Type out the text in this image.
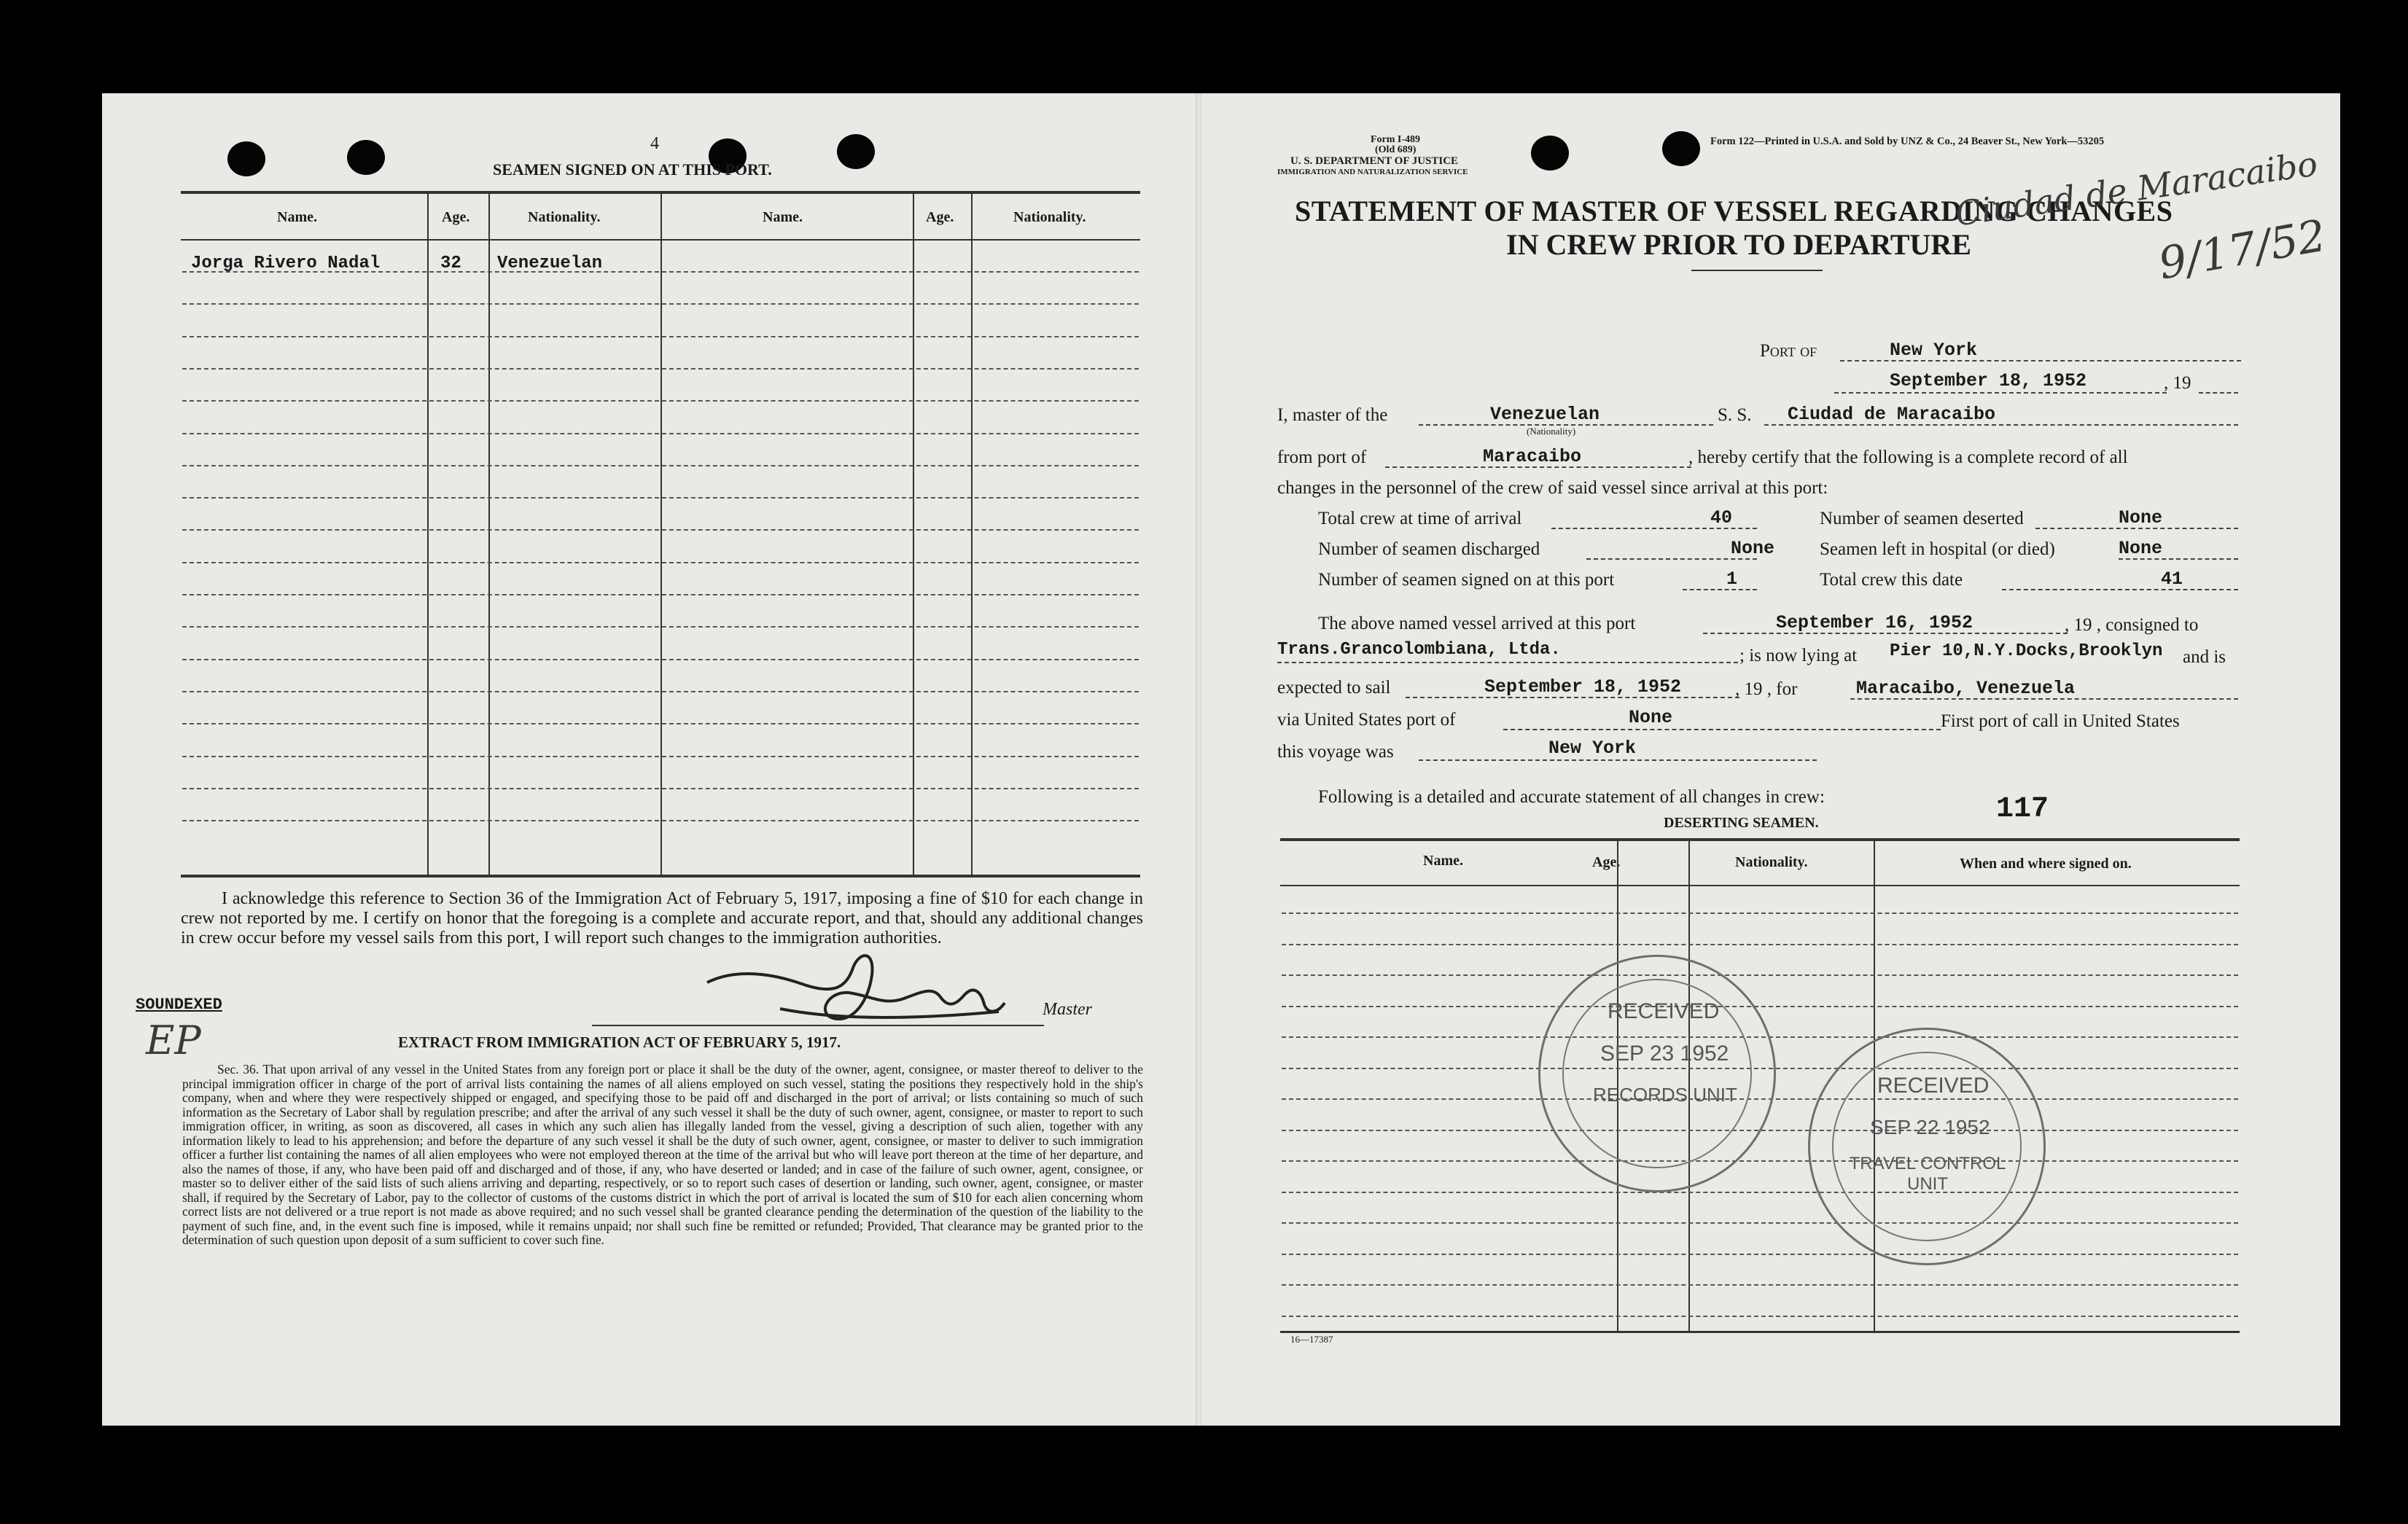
4
SEAMEN SIGNED ON AT THIS PORT.
Name.	Age.	Nationality.	Name.	Age.	Nationality.
Jorga Rivero Nadal	32 Venezuelan
I acknowledge this reference to Section 36 of the Immigration Act of February 5, 1917, imposing a fine of $10 for each change in crew not reported by me. I certify on honor that the foregoing is a complete and accurate report, and that, should any additional changes in crew occur before my vessel sails from this port, I will report such changes to the immigration authorities.
Master
SOUNDEXED
EP	EXTRACT FROM IMMIGRATION ACT OF FEBRUARY 5, 1917.
Sec. 36. That upon arrival of any vessel in the United States from any foreign port or place it shall be the duty of the owner, agent, consignee, or master thereof to deliver to the principal immigration officer in charge of the port of arrival lists containing the names of all aliens employed on such vessel, stating the positions they respectively hold in the ship's company, when and where they were respectively shipped or engaged, and specifying those to be paid off and discharged in the port of arrival; or lists containing so much of such information as the Secretary of Labor shall by regulation prescribe; and after the arrival of any such vessel it shall be the duty of such owner, agent, consignee, or master to report to such immigration officer, in writing, as soon as discovered, all cases in which any such alien has illegally landed from the vessel, giving a description of such alien, together with any information likely to lead to his apprehension; and before the departure of any such vessel it shall be the duty of such owner, agent, consignee, or master to deliver to such immigration officer a further list containing the names of all alien employees who were not employed thereon at the time of the arrival but who will leave port thereon at the time of her departure, and also the names of those, if any, who have been paid off and discharged and of those, if any, who have deserted or landed; and in case of the failure of such owner, agent, consignee, or master so to deliver either of the said lists of such aliens arriving and departing, respectively, or so to report such cases of desertion or landing, such owner, agent, consignee, or master shall, if required by the Secretary of Labor, pay to the collector of customs of the customs district in which the port of arrival is located the sum of $10 for each alien concerning whom correct lists are not delivered or a true report is not made as above required; and no such vessel shall be granted clearance pending the determination of the question of the liability to the payment of such fine, and, in the event such fine is imposed, while it remains unpaid; nor shall such fine be remitted or refunded; Provided, That clearance may be granted prior to the determination of such question upon deposit of a sum sufficient to cover such fine.
Form I-489
(Old 689)
U. S. DEPARTMENT OF JUSTICE
IMMIGRATION AND NATURALIZATION SERVICE
Form 122—Printed in U.S.A. and Sold by UNZ & Co., 24 Beaver St., New York—53205
STATEMENT OF MASTER OF VESSEL REGARDING CHANGES
IN CREW PRIOR TO DEPARTURE
Ciudad de Maracaibo
9/17/52
Port of	New York
September 18, 1952	, 19
I, master of the	Venezuelan
(Nationality)
S. S. Ciudad de Maracaibo
from port of	Maracaibo	, hereby certify that the following is a complete record of all
changes in the personnel of the crew of said vessel since arrival at this port:
Total crew at time of arrival	40	Number of seamen deserted	None
Number of seamen discharged	None Seamen left in hospital (or died)	None
Number of seamen signed on at this port	1	Total crew this date	41
The above named vessel arrived at this port	September 16, 1952	, 19 , consigned to
Trans.Grancolombiana, Ltda.	; is now lying at Pier 10,N.Y.Docks,Brooklyn and is
expected to sail	September 18, 1952	, 19 , for	Maracaibo, Venezuela
via United States port of	None	First port of call in United States
this voyage was	New York
Following is a detailed and accurate statement of all changes in crew:	117
DESERTING SEAMEN.
Name.	Age.	Nationality.	When and where signed on.
16—17387
RECEIVED
SEP 23 1952
RECORDS UNIT	RECEIVED
SEP 22 1952
TRAVEL CONTROL UNIT
